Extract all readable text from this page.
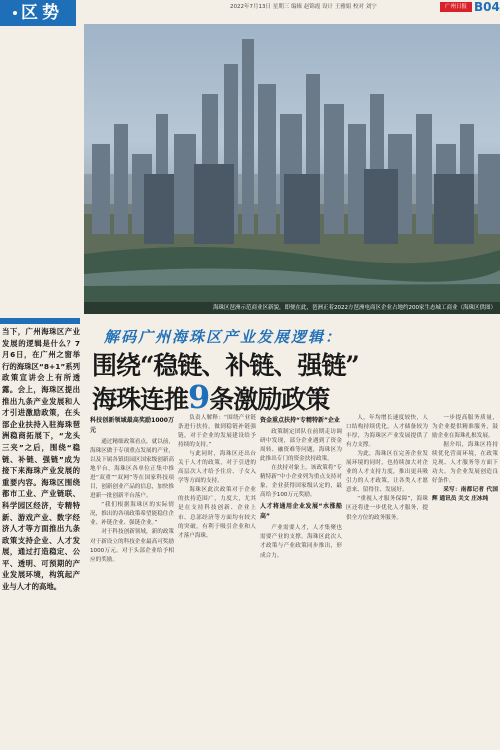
区势	2022年7月13日 星期三 编辑 赵锦霞 设计 王雅娟 校对 刘宁	广州日报 B04
海珠区琶洲示范商业区新貌，即便在此，琶洲正着2022方琶洲电商区企业占地约200家生态城工商业（海珠区供图）
当下，广州海珠区产业发展的逻辑是什么？7月6日，在广州之窗举行的海珠区“8+1”系列政策宣讲会上有所透露。会上，海珠区提出推出九条产业发展和人才引进激励政策，在头部企业扶持入驻海珠琶洲稳商拓展下，“龙头三夹”之后，围绕“稳链、补链、强链”成为接下来海珠产业发展的重要内容。海珠区围绕都市工业、产业链联、科学园区经济，专精特新、游戏产业、数字经济人才等方面推出九条政策支持企业、人才发展，通过打造稳定、公平、透明、可预期的产业发展环境，构筑起产业与人才的高地。
解码广州海珠区产业发展逻辑：
围绕“稳链、补链、强链”
海珠连推9条激励政策

科技创新领域最高奖励1000万元

通过精细政策看点，就以前，海珠区做于专项重点发展的产业，以及下属各镇街园区国家级创新高地平台，海珠区各单位正集中推进“双重”“双网”等在国家科技项目，创新创业产品的信息，加快推进新一批创新平台落户。

“我们根据海珠区的实际情况，推出的各项政策希望能稳住企业、补链企业、强链企业。”

对于科技创新领域，新的政策对于新设立的科技企业最高可奖励1000万元。对于头部企业给予相应的奖励。

负责人解释：“围绕产业链条进行扶持，做到稳链补链强链，对于企业的发展建设给予持续的支持。”

与此同时，海珠区还出台关于人才的政策，对于引进的高层次人才给予住房、子女入学等方面的支持。

海珠区此次政策对于企业的扶持范围广，力度大，尤其是在支持科技创新、企业上市、总部经济等方面均有较大的突破，有利于吸引企业和人才落户海珠。

资金重点扶持“专精特新”企业

政策制定团队在前期走访调研中发现，部分企业遇到了资金周转、融资难等问题，海珠区为此推出专门的资金扶持政策。

在扶持对象上，该政策将“专精特新”中小企业列为重点支持对象，企业获得国家级认定的，最高给予100万元奖励。

人才将通用企业发展“水涨船高”

产业需要人才，人才集聚也需要产业的支撑。海珠区此次人才政策与产业政策同步推出，形成合力。

人，年均增长速度较快，人口结构持续优化，人才储备较为丰厚，为海珠区产业发展提供了有力支撑。

为此，海珠区在完善企业发展环境的同时，也持续加大对企业的人才支持力度，推出更具吸引力的人才政策，让各类人才愿意来、留得住、发展好。

“重视人才服务保障”，海珠区还将进一步优化人才服务，提供全方位的政务服务。

一步提高服务质量，为企业提供精准服务，鼓励企业在海珠扎根发展。

据介绍，海珠区将持续优化营商环境，在政策兑现、人才服务等方面下功夫，为企业发展创造良好条件。

采写：南都记者 代国辉 通讯员 关文 庄冰纯
